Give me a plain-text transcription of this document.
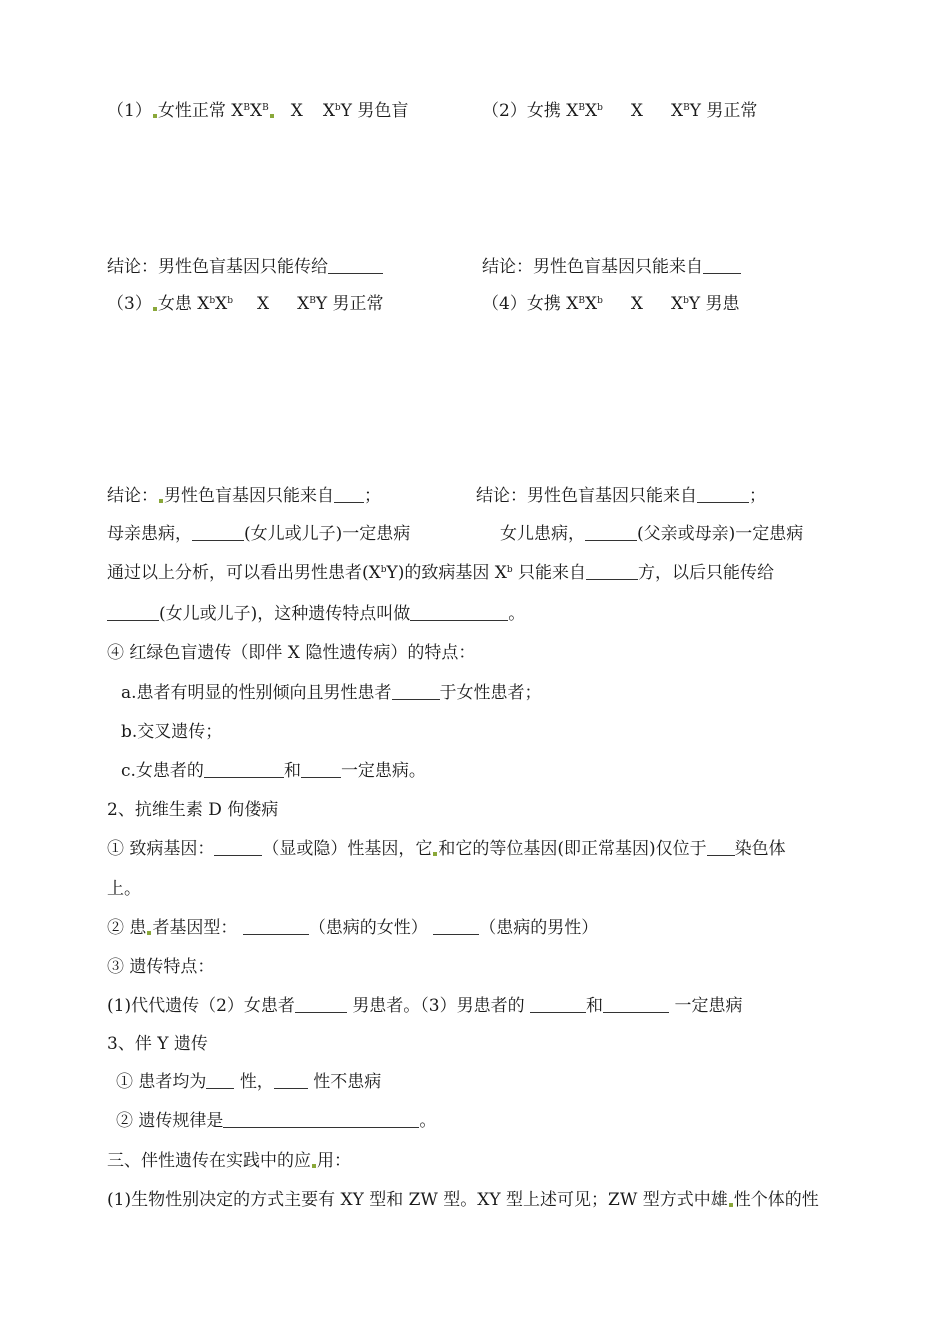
（1） 女性正常 $X^BX^B$ X $X^bY$ 男色盲	（2）女携 $X^BX^b$ X $X^BY$ 男正常
结论：男性色盲基因只能传给	结论：男性色盲基因只能来自
（3） 女患 $X^bX^b$ X $X^BY$ 男正常	（4）女携 $X^BX^b$ X $X^bY$ 男患
结论： 男性色盲基因只能来自 ；	结论：男性色盲基因只能来自	；
母亲患病，	(女儿或儿子)一定患病	女儿患病，	(父亲或母亲)一定患病
通过以上分析，可以看出男性患者$(X^bY)$的致病基因 $X^b$ 只能来自	方，以后只能传给
(女儿或儿子)，这种遗传特点叫做	。
④ 红绿色盲遗传（即伴 X 隐性遗传病）的特点：
a.患者有明显的性别倾向且男性患者	于女性患者；
b.交叉遗传；
c.女患者的	和 一定患病。
2、抗维生素 D 佝偻病
① 致病基因：	（显或隐）性基因，它 和它的等位基因(即正常基因)仅位于 染色体
上。
② 患 者基因型：	（患病的女性）	（患病的男性）
③ 遗传特点：
(1)代代遗传（2）女患者	男患者。（3）男患者的	和	一定患病
3、伴 Y 遗传
① 患者均为 性， 性不患病
② 遗传规律是	。
三、伴性遗传在实践中的应 用：
(1)生物性别决定的方式主要有 XY 型和 ZW 型。XY 型上述可见；ZW 型方式中雄 性个体的性
